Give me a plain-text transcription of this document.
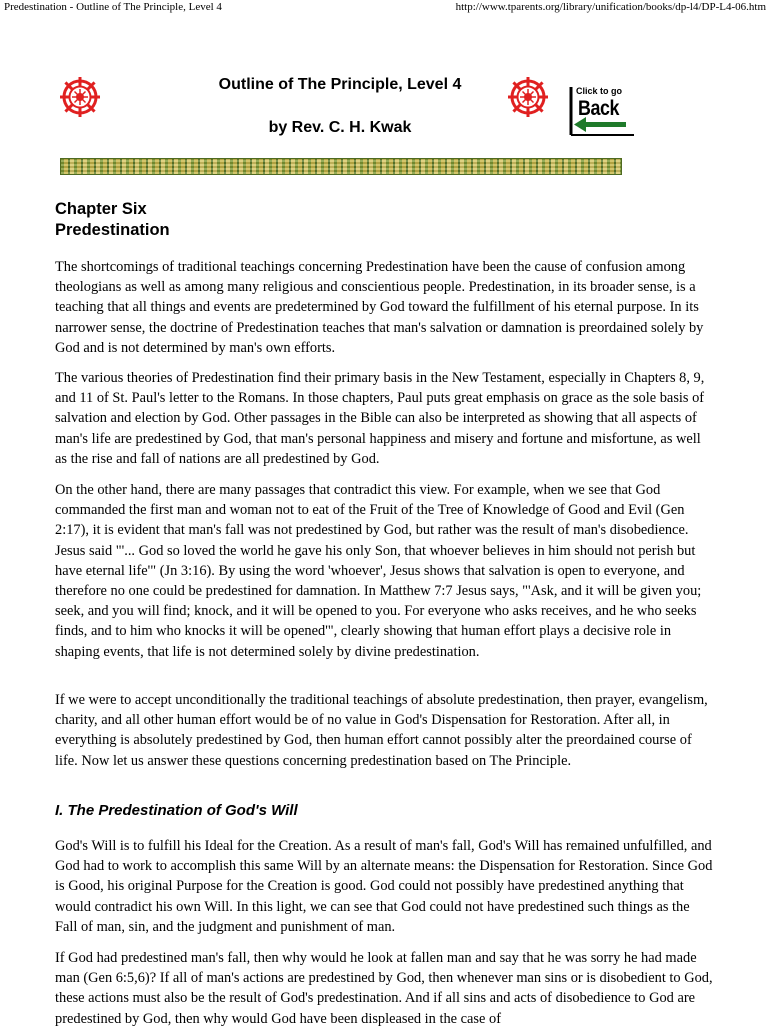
Predestination - Outline of The Principle, Level 4	http://www.tparents.org/library/unification/books/dp-l4/DP-L4-06.htm
Outline of The Principle, Level 4
by Rev. C. H. Kwak
Click to go
Back
Chapter Six
Predestination

The shortcomings of traditional teachings concerning Predestination have been the cause of confusion among theologians as well as among many religious and conscientious people. Predestination, in its broader sense, is a teaching that all things and events are predetermined by God toward the fulfillment of his eternal purpose. In its narrower sense, the doctrine of Predestination teaches that man's salvation or damnation is preordained solely by God and is not determined by man's own efforts.

The various theories of Predestination find their primary basis in the New Testament, especially in Chapters 8, 9, and 11 of St. Paul's letter to the Romans. In those chapters, Paul puts great emphasis on grace as the sole basis of salvation and election by God. Other passages in the Bible can also be interpreted as showing that all aspects of man's life are predestined by God, that man's personal happiness and misery and fortune and misfortune, as well as the rise and fall of nations are all predestined by God.

On the other hand, there are many passages that contradict this view. For example, when we see that God commanded the first man and woman not to eat of the Fruit of the Tree of Knowledge of Good and Evil (Gen 2:17), it is evident that man's fall was not predestined by God, but rather was the result of man's disobedience. Jesus said "'... God so loved the world he gave his only Son, that whoever believes in him should not perish but have eternal life'" (Jn 3:16). By using the word 'whoever', Jesus shows that salvation is open to everyone, and therefore no one could be predestined for damnation. In Matthew 7:7 Jesus says, "'Ask, and it will be given you; seek, and you will find; knock, and it will be opened to you. For everyone who asks receives, and he who seeks finds, and to him who knocks it will be opened'", clearly showing that human effort plays a decisive role in shaping events, that life is not determined solely by divine predestination.

If we were to accept unconditionally the traditional teachings of absolute predestination, then prayer, evangelism, charity, and all other human effort would be of no value in God's Dispensation for Restoration. After all, in everything is absolutely predestined by God, then human effort cannot possibly alter the preordained course of life. Now let us answer these questions concerning predestination based on The Principle.

I. The Predestination of God's Will

God's Will is to fulfill his Ideal for the Creation. As a result of man's fall, God's Will has remained unfulfilled, and God had to work to accomplish this same Will by an alternate means: the Dispensation for Restoration. Since God is Good, his original Purpose for the Creation is good. God could not possibly have predestined anything that would contradict his own Will. In this light, we can see that God could not have predestined such things as the Fall of man, sin, and the judgment and punishment of man.

If God had predestined man's fall, then why would he look at fallen man and say that he was sorry he had made man (Gen 6:5,6)? If all of man's actions are predestined by God, then whenever man sins or is disobedient to God, these actions must also be the result of God's predestination. And if all sins and acts of disobedience to God are predestined by God, then why would God have been displeased in the case of
